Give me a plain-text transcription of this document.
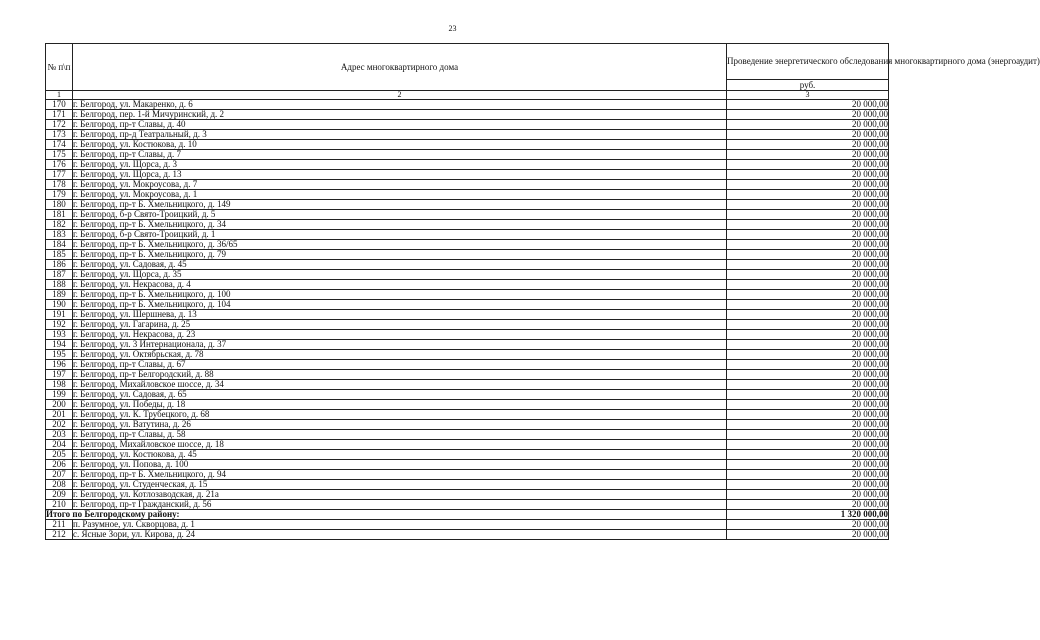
23
№ п\п	Адрес многоквартирного дома	Проведение энергетического обследования многоквартирного дома (энергоаудит)
		руб.
1	2	3
170	г. Белгород, ул. Макаренко, д. 6	20 000,00
171	г. Белгород, пер. 1-й Мичуринский, д. 2	20 000,00
172	г. Белгород, пр-т Славы, д. 40	20 000,00
173	г. Белгород, пр-д Театральный, д. 3	20 000,00
174	г. Белгород, ул. Костюкова, д. 10	20 000,00
175	г. Белгород, пр-т Славы, д. 7	20 000,00
176	г. Белгород, ул. Щорса, д. 3	20 000,00
177	г. Белгород, ул. Щорса, д. 13	20 000,00
178	г. Белгород, ул. Мокроусова, д. 7	20 000,00
179	г. Белгород, ул. Мокроусова, д. 1	20 000,00
180	г. Белгород, пр-т Б. Хмельницкого, д. 149	20 000,00
181	г. Белгород, б-р Свято-Троицкий, д. 5	20 000,00
182	г. Белгород, пр-т Б. Хмельницкого, д. 34	20 000,00
183	г. Белгород, б-р Свято-Троицкий, д. 1	20 000,00
184	г. Белгород, пр-т Б. Хмельницкого, д. 36/65	20 000,00
185	г. Белгород, пр-т Б. Хмельницкого, д. 79	20 000,00
186	г. Белгород, ул. Садовая, д. 45	20 000,00
187	г. Белгород, ул. Щорса, д. 35	20 000,00
188	г. Белгород, ул. Некрасова, д. 4	20 000,00
189	г. Белгород, пр-т Б. Хмельницкого, д. 100	20 000,00
190	г. Белгород, пр-т Б. Хмельницкого, д. 104	20 000,00
191	г. Белгород, ул. Шершнева, д. 13	20 000,00
192	г. Белгород, ул. Гагарина, д. 25	20 000,00
193	г. Белгород, ул. Некрасова, д. 23	20 000,00
194	г. Белгород, ул. 3 Интернационала, д. 37	20 000,00
195	г. Белгород, ул. Октябрьская, д. 78	20 000,00
196	г. Белгород, пр-т Славы, д. 67	20 000,00
197	г. Белгород, пр-т Белгородский, д. 88	20 000,00
198	г. Белгород, Михайловское шоссе, д. 34	20 000,00
199	г. Белгород, ул. Садовая, д. 65	20 000,00
200	г. Белгород, ул. Победы, д. 18	20 000,00
201	г. Белгород, ул. К. Трубецкого, д. 68	20 000,00
202	г. Белгород, ул. Ватутина, д. 26	20 000,00
203	г. Белгород, пр-т Славы, д. 58	20 000,00
204	г. Белгород, Михайловское шоссе, д. 18	20 000,00
205	г. Белгород, ул. Костюкова, д. 45	20 000,00
206	г. Белгород, ул. Попова, д. 100	20 000,00
207	г. Белгород, пр-т Б. Хмельницкого, д. 94	20 000,00
208	г. Белгород, ул. Студенческая, д. 15	20 000,00
209	г. Белгород, ул. Котлозаводская, д. 21а	20 000,00
210	г. Белгород, пр-т Гражданский, д. 56	20 000,00
Итого по Белгородскому району:		1 320 000,00
211	п. Разумное, ул. Скворцова, д. 1	20 000,00
212	с. Ясные Зори, ул. Кирова, д. 24	20 000,00
